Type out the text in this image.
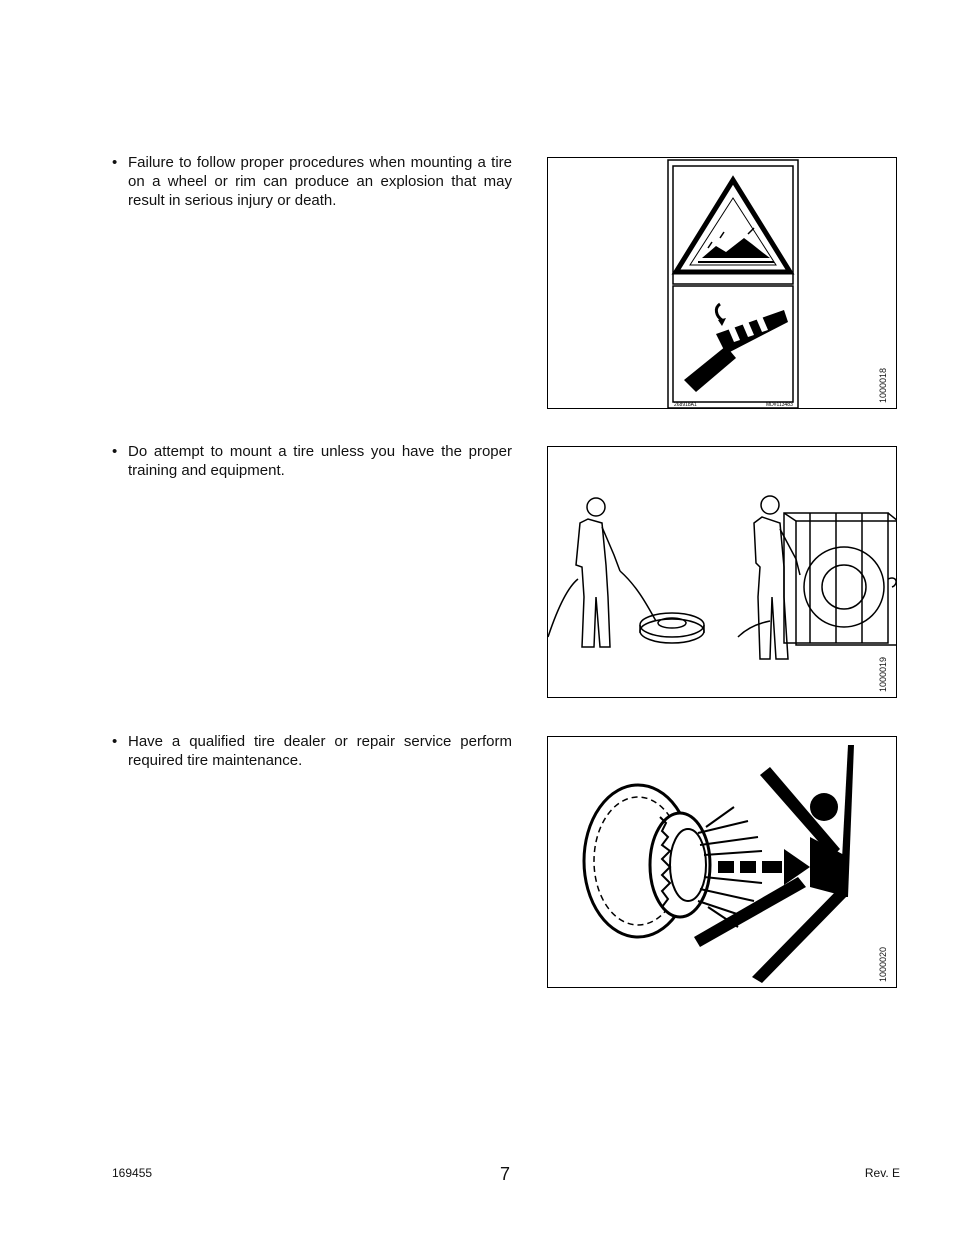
• Failure to follow proper procedures when mounting a tire on a wheel or rim can produce an explosion that may result in serious injury or death.
268918A1	MD#113483
1000018
• Do attempt to mount a tire unless you have the proper training and equipment.
1000019
• Have a qualified tire dealer or repair service perform required tire maintenance.
1000020
169455	7	Rev. E
